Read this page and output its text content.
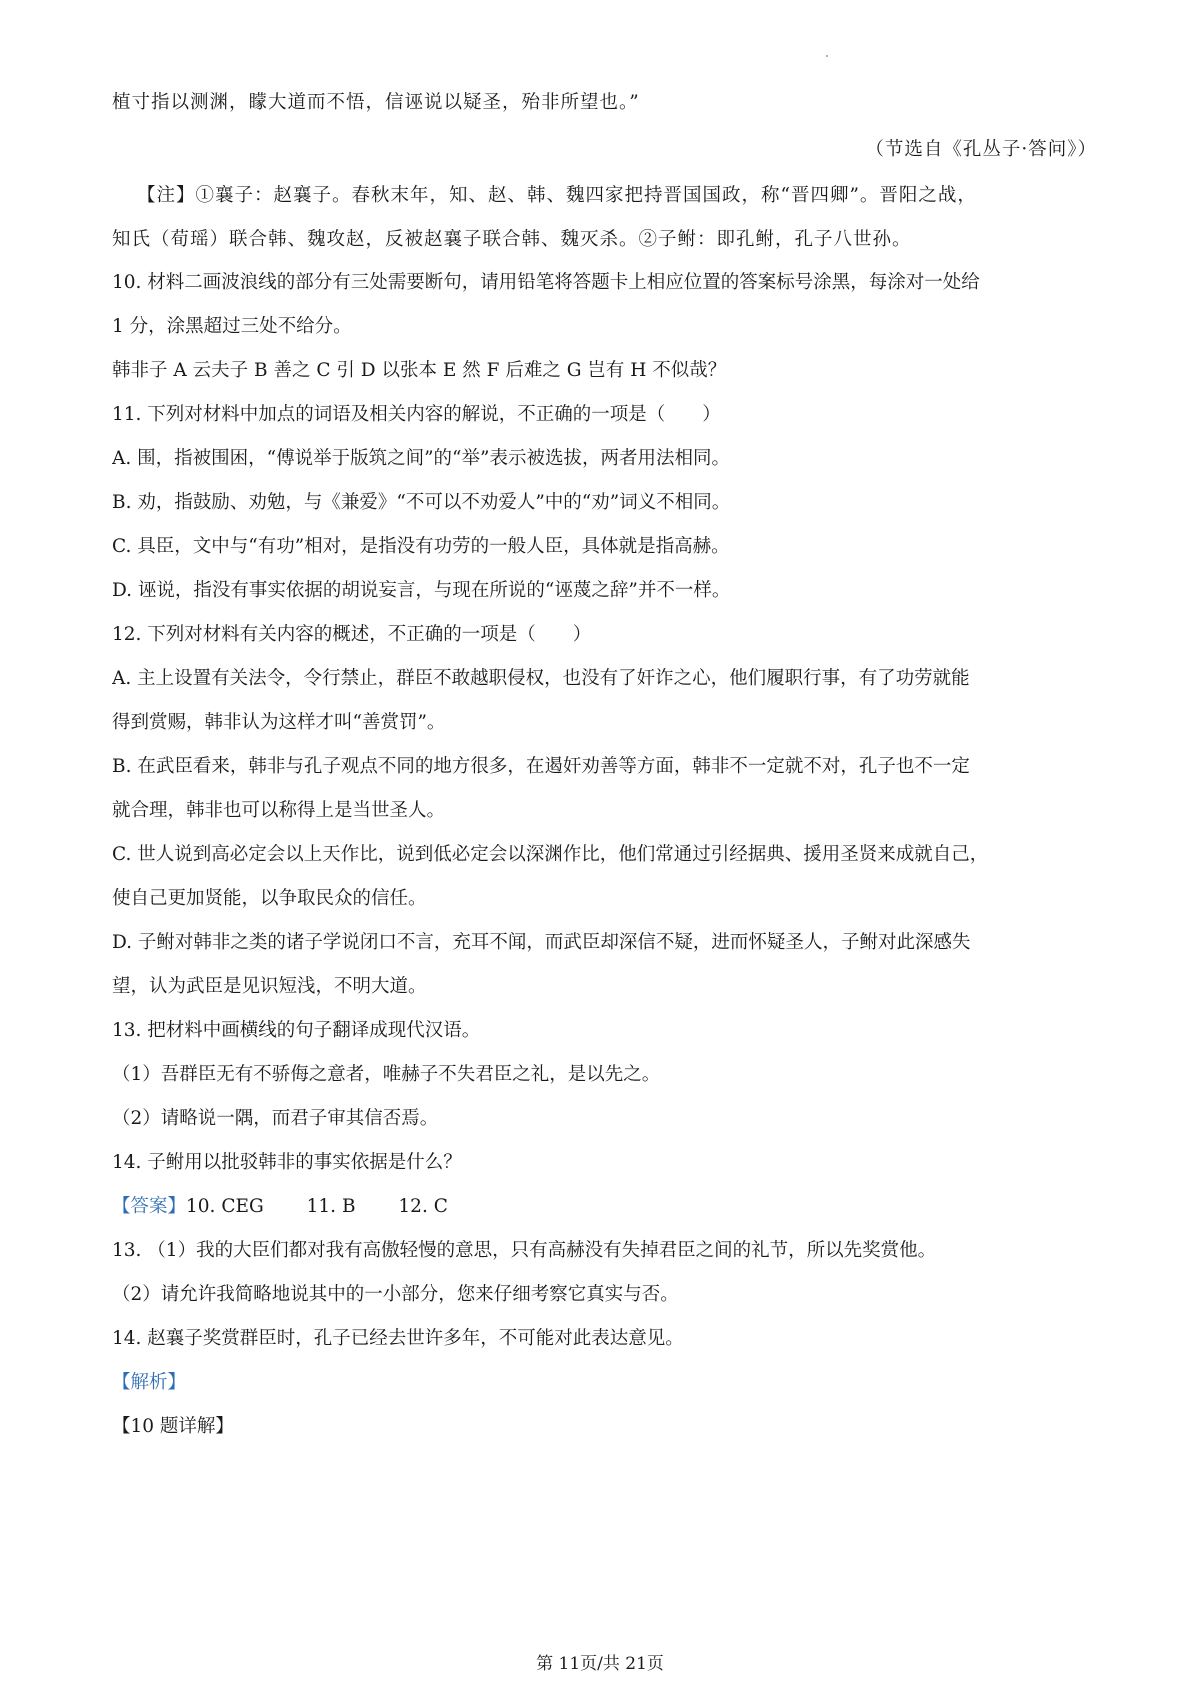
植寸指以测渊，矇大道而不悟，信诬说以疑圣，殆非所望也。”
（节选自《孔丛子·答问》）
【注】①襄子：赵襄子。春秋末年，知、赵、韩、魏四家把持晋国国政，称“晋四卿”。晋阳之战，
知氏（荀瑶）联合韩、魏攻赵，反被赵襄子联合韩、魏灭杀。②子鲋：即孔鲋，孔子八世孙。
10. 材料二画波浪线的部分有三处需要断句，请用铅笔将答题卡上相应位置的答案标号涂黑，每涂对一处给
1 分，涂黑超过三处不给分。
韩非子 A 云夫子 B 善之 C 引 D 以张本 E 然 F 后难之 G 岂有 H 不似哉？
11. 下列对材料中加点的词语及相关内容的解说，不正确的一项是（　　）
A. 围，指被围困，“傅说举于版筑之间”的“举”表示被选拔，两者用法相同。
B. 劝，指鼓励、劝勉，与《兼爱》“不可以不劝爱人”中的“劝”词义不相同。
C. 具臣，文中与“有功”相对，是指没有功劳的一般人臣，具体就是指高赫。
D. 诬说，指没有事实依据的胡说妄言，与现在所说的“诬蔑之辞”并不一样。
12. 下列对材料有关内容的概述，不正确的一项是（　　）
A. 主上设置有关法令，令行禁止，群臣不敢越职侵权，也没有了奸诈之心，他们履职行事，有了功劳就能
得到赏赐，韩非认为这样才叫“善赏罚”。
B. 在武臣看来，韩非与孔子观点不同的地方很多，在遏奸劝善等方面，韩非不一定就不对，孔子也不一定
就合理，韩非也可以称得上是当世圣人。
C. 世人说到高必定会以上天作比，说到低必定会以深渊作比，他们常通过引经据典、援用圣贤来成就自己，
使自己更加贤能，以争取民众的信任。
D. 子鲋对韩非之类的诸子学说闭口不言，充耳不闻，而武臣却深信不疑，进而怀疑圣人，子鲋对此深感失
望，认为武臣是见识短浅，不明大道。
13. 把材料中画横线的句子翻译成现代汉语。
（1）吾群臣无有不骄侮之意者，唯赫子不失君臣之礼，是以先之。
（2）请略说一隅，而君子审其信否焉。
14. 子鲋用以批驳韩非的事实依据是什么？
【答案】10. CEG　　 11. B　　 12. C
13. （1）我的大臣们都对我有高傲轻慢的意思，只有高赫没有失掉君臣之间的礼节，所以先奖赏他。
（2）请允许我简略地说其中的一小部分，您来仔细考察它真实与否。
14. 赵襄子奖赏群臣时，孔子已经去世许多年，不可能对此表达意见。
【解析】
【10 题详解】
第 11页/共 21页
